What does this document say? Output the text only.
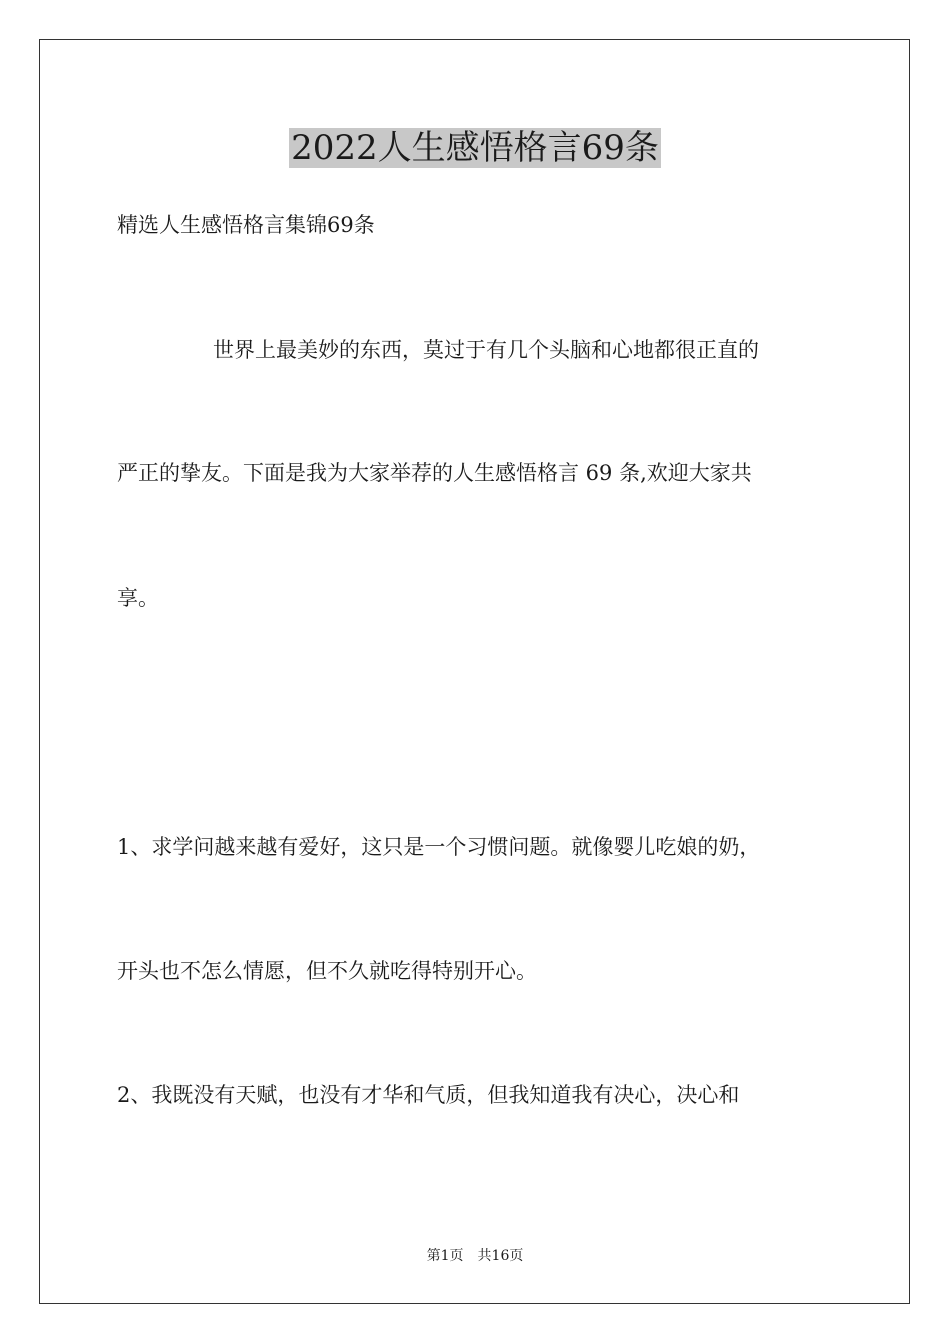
2022人生感悟格言69条
精选人生感悟格言集锦69条
世界上最美妙的东西，莫过于有几个头脑和心地都很正直的
严正的挚友。下面是我为大家举荐的人生感悟格言 69 条,欢迎大家共
享。
1、求学问越来越有爱好，这只是一个习惯问题。就像婴儿吃娘的奶，
开头也不怎么情愿，但不久就吃得特别开心。
2、我既没有天赋，也没有才华和气质，但我知道我有决心，决心和
第1页 共16页
